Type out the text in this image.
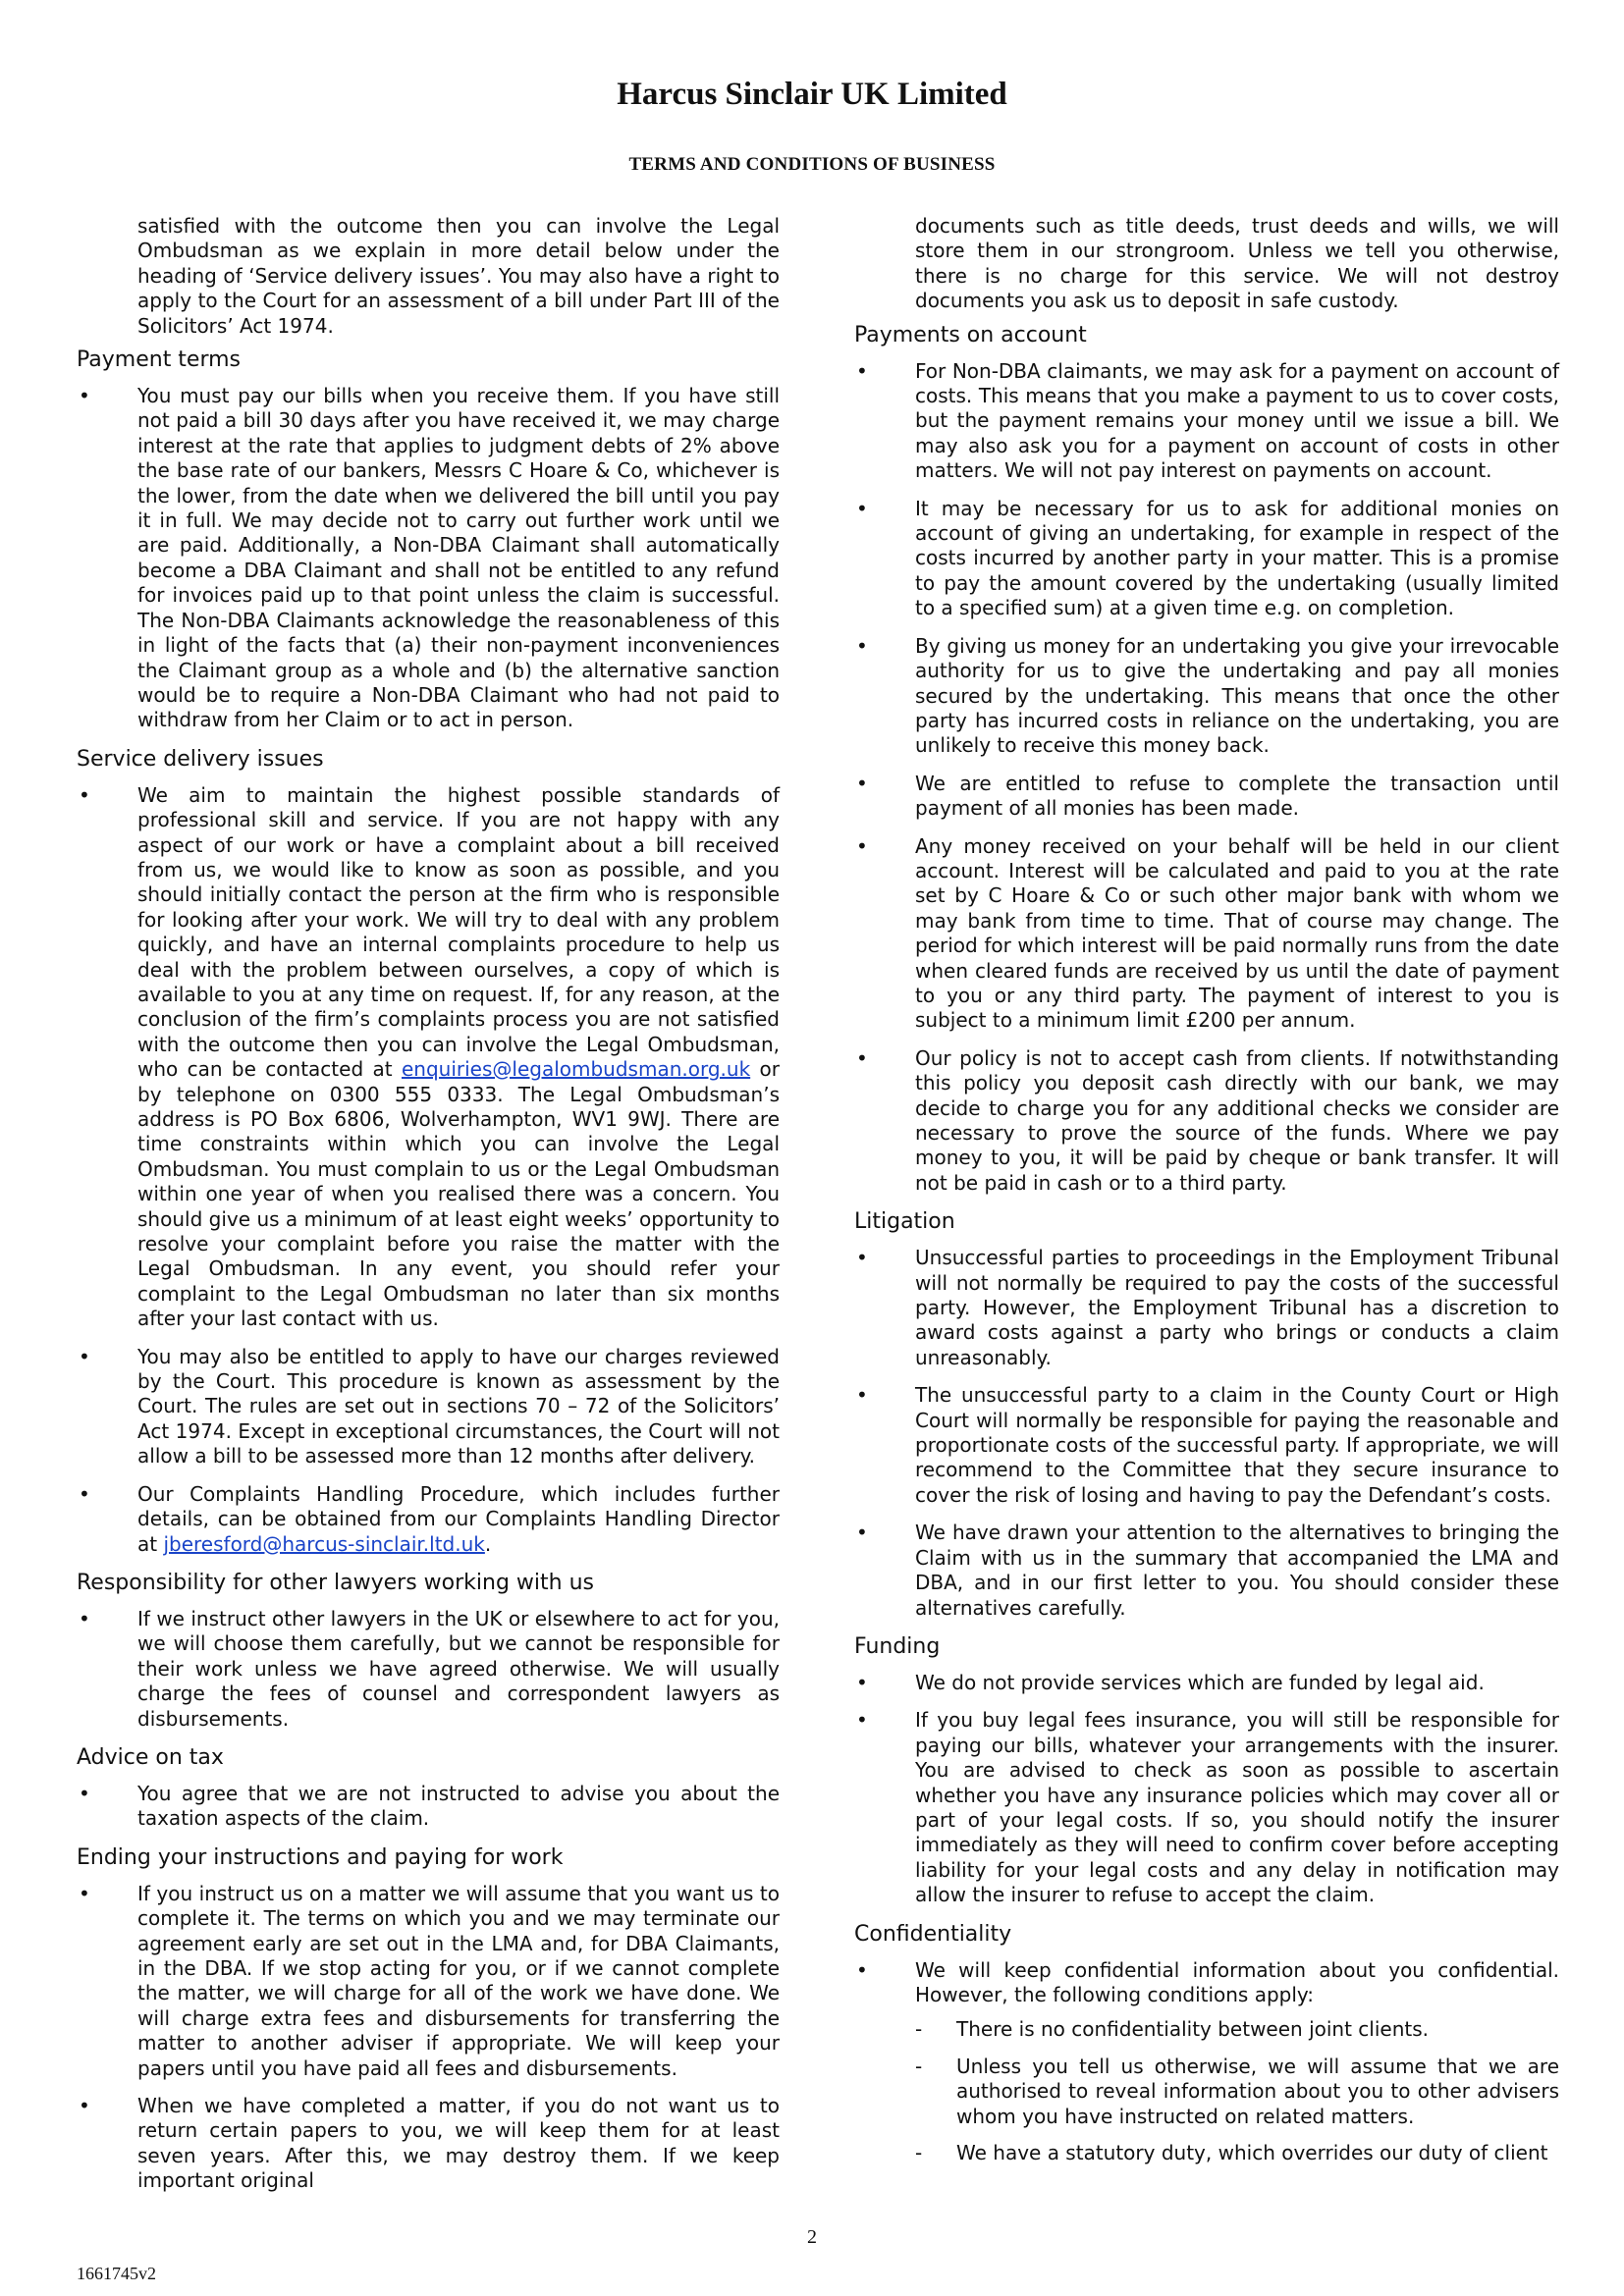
Harcus Sinclair UK Limited
TERMS AND CONDITIONS OF BUSINESS

satisfied with the outcome then you can involve the Legal Ombudsman as we explain in more detail below under the heading of ‘Service delivery issues’. You may also have a right to apply to the Court for an assessment of a bill under Part III of the Solicitors’ Act 1974.

Payment terms
• You must pay our bills when you receive them. If you have still not paid a bill 30 days after you have received it, we may charge interest at the rate that applies to judgment debts of 2% above the base rate of our bankers, Messrs C Hoare & Co, whichever is the lower, from the date when we delivered the bill until you pay it in full. We may decide not to carry out further work until we are paid. Additionally, a Non-DBA Claimant shall automatically become a DBA Claimant and shall not be entitled to any refund for invoices paid up to that point unless the claim is successful. The Non-DBA Claimants acknowledge the reasonableness of this in light of the facts that (a) their non-payment inconveniences the Claimant group as a whole and (b) the alternative sanction would be to require a Non-DBA Claimant who had not paid to withdraw from her Claim or to act in person.
Service delivery issues
• We aim to maintain the highest possible standards of professional skill and service. If you are not happy with any aspect of our work or have a complaint about a bill received from us, we would like to know as soon as possible, and you should initially contact the person at the firm who is responsible for looking after your work. We will try to deal with any problem quickly, and have an internal complaints procedure to help us deal with the problem between ourselves, a copy of which is available to you at any time on request. If, for any reason, at the conclusion of the firm’s complaints process you are not satisfied with the outcome then you can involve the Legal Ombudsman, who can be contacted at enquiries@legalombudsman.org.uk or by telephone on 0300 555 0333. The Legal Ombudsman’s address is PO Box 6806, Wolverhampton, WV1 9WJ. There are time constraints within which you can involve the Legal Ombudsman. You must complain to us or the Legal Ombudsman within one year of when you realised there was a concern. You should give us a minimum of at least eight weeks’ opportunity to resolve your complaint before you raise the matter with the Legal Ombudsman. In any event, you should refer your complaint to the Legal Ombudsman no later than six months after your last contact with us.
• You may also be entitled to apply to have our charges reviewed by the Court. This procedure is known as assessment by the Court. The rules are set out in sections 70 – 72 of the Solicitors’ Act 1974. Except in exceptional circumstances, the Court will not allow a bill to be assessed more than 12 months after delivery.
• Our Complaints Handling Procedure, which includes further details, can be obtained from our Complaints Handling Director at jberesford@harcus-sinclair.ltd.uk.
Responsibility for other lawyers working with us
• If we instruct other lawyers in the UK or elsewhere to act for you, we will choose them carefully, but we cannot be responsible for their work unless we have agreed otherwise. We will usually charge the fees of counsel and correspondent lawyers as disbursements.
Advice on tax
• You agree that we are not instructed to advise you about the taxation aspects of the claim.
Ending your instructions and paying for work
• If you instruct us on a matter we will assume that you want us to complete it. The terms on which you and we may terminate our agreement early are set out in the LMA and, for DBA Claimants, in the DBA. If we stop acting for you, or if we cannot complete the matter, we will charge for all of the work we have done. We will charge extra fees and disbursements for transferring the matter to another adviser if appropriate. We will keep your papers until you have paid all fees and disbursements.
• When we have completed a matter, if you do not want us to return certain papers to you, we will keep them for at least seven years. After this, we may destroy them. If we keep important original

documents such as title deeds, trust deeds and wills, we will store them in our strongroom. Unless we tell you otherwise, there is no charge for this service. We will not destroy documents you ask us to deposit in safe custody.

Payments on account
• For Non-DBA claimants, we may ask for a payment on account of costs. This means that you make a payment to us to cover costs, but the payment remains your money until we issue a bill. We may also ask you for a payment on account of costs in other matters. We will not pay interest on payments on account.
• It may be necessary for us to ask for additional monies on account of giving an undertaking, for example in respect of the costs incurred by another party in your matter. This is a promise to pay the amount covered by the undertaking (usually limited to a specified sum) at a given time e.g. on completion.
• By giving us money for an undertaking you give your irrevocable authority for us to give the undertaking and pay all monies secured by the undertaking. This means that once the other party has incurred costs in reliance on the undertaking, you are unlikely to receive this money back.
• We are entitled to refuse to complete the transaction until payment of all monies has been made.
• Any money received on your behalf will be held in our client account. Interest will be calculated and paid to you at the rate set by C Hoare & Co or such other major bank with whom we may bank from time to time. That of course may change. The period for which interest will be paid normally runs from the date when cleared funds are received by us until the date of payment to you or any third party. The payment of interest to you is subject to a minimum limit £200 per annum.
• Our policy is not to accept cash from clients. If notwithstanding this policy you deposit cash directly with our bank, we may decide to charge you for any additional checks we consider are necessary to prove the source of the funds. Where we pay money to you, it will be paid by cheque or bank transfer. It will not be paid in cash or to a third party.
Litigation
• Unsuccessful parties to proceedings in the Employment Tribunal will not normally be required to pay the costs of the successful party. However, the Employment Tribunal has a discretion to award costs against a party who brings or conducts a claim unreasonably.
• The unsuccessful party to a claim in the County Court or High Court will normally be responsible for paying the reasonable and proportionate costs of the successful party. If appropriate, we will recommend to the Committee that they secure insurance to cover the risk of losing and having to pay the Defendant’s costs.
• We have drawn your attention to the alternatives to bringing the Claim with us in the summary that accompanied the LMA and DBA, and in our first letter to you. You should consider these alternatives carefully.
Funding
• We do not provide services which are funded by legal aid.
• If you buy legal fees insurance, you will still be responsible for paying our bills, whatever your arrangements with the insurer. You are advised to check as soon as possible to ascertain whether you have any insurance policies which may cover all or part of your legal costs. If so, you should notify the insurer immediately as they will need to confirm cover before accepting liability for your legal costs and any delay in notification may allow the insurer to refuse to accept the claim.
Confidentiality
• We will keep confidential information about you confidential. However, the following conditions apply:
- There is no confidentiality between joint clients.
- Unless you tell us otherwise, we will assume that we are authorised to reveal information about you to other advisers whom you have instructed on related matters.
- We have a statutory duty, which overrides our duty of client
2
1661745v2
